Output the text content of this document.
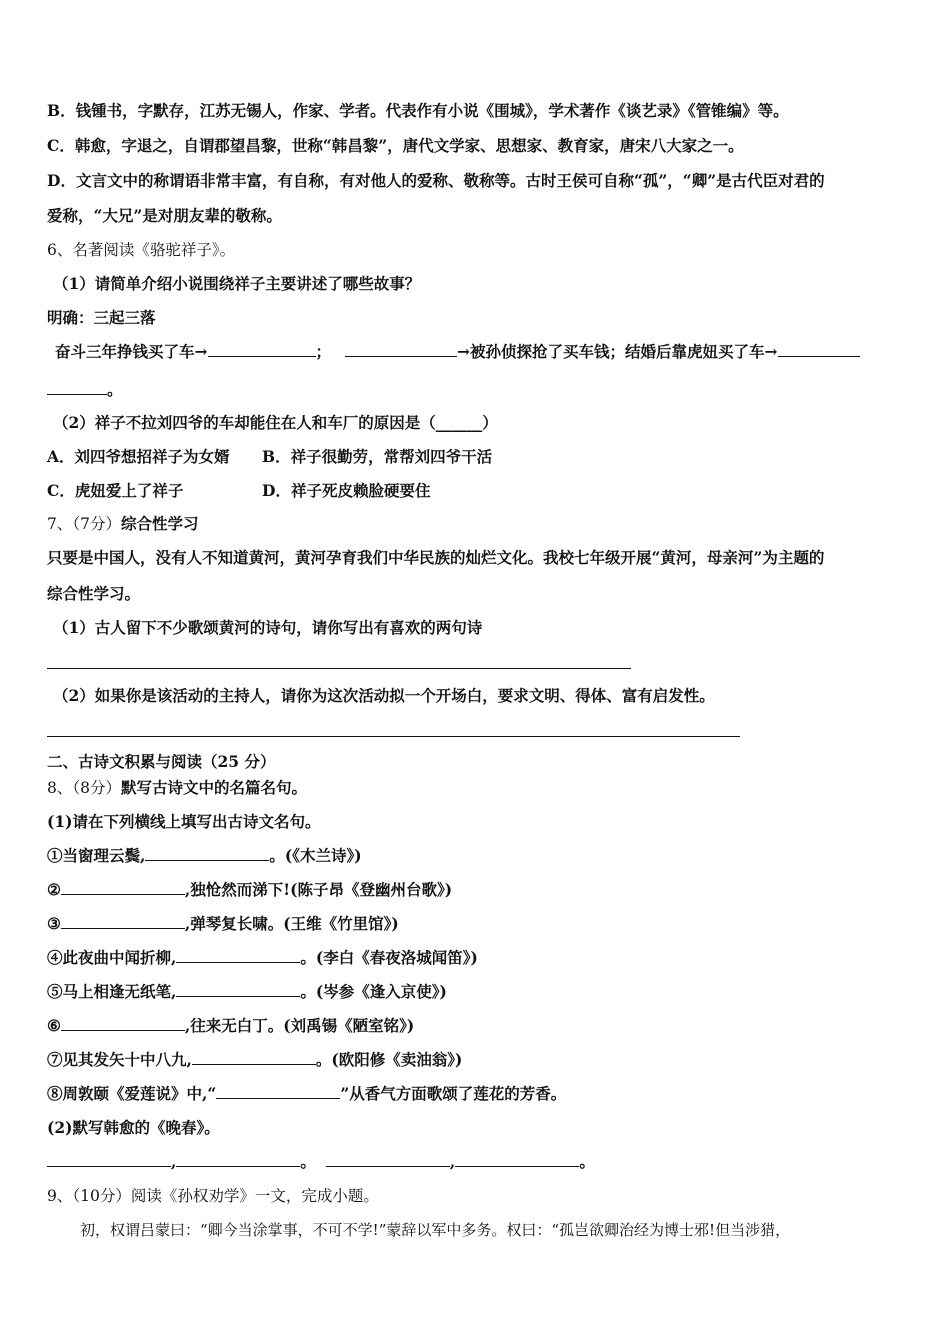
B．钱锺书，字默存，江苏无锡人，作家、学者。代表作有小说《围城》，学术著作《谈艺录》《管锥编》等。
C．韩愈，字退之，自谓郡望昌黎，世称“韩昌黎”，唐代文学家、思想家、教育家，唐宋八大家之一。
D．文言文中的称谓语非常丰富，有自称，有对他人的爱称、敬称等。古时王侯可自称“孤”，“卿”是古代臣对君的
爱称，“大兄”是对朋友辈的敬称。
6、名著阅读《骆驼祥子》。
（1）请简单介绍小说围绕祥子主要讲述了哪些故事？
明确：三起三落
奋斗三年挣钱买了车→	；	→被孙侦探抢了买车钱；结婚后靠虎妞买了车→
。
（2）祥子不拉刘四爷的车却能住在人和车厂的原因是（______）
A．刘四爷想招祥子为女婿 B．祥子很勤劳，常帮刘四爷干活
C．虎妞爱上了祥子	D．祥子死皮赖脸硬要住
7、（7分）综合性学习
只要是中国人，没有人不知道黄河，黄河孕育我们中华民族的灿烂文化。我校七年级开展“黄河，母亲河”为主题的
综合性学习。
（1）古人留下不少歌颂黄河的诗句，请你写出有喜欢的两句诗
（2）如果你是该活动的主持人，请你为这次活动拟一个开场白，要求文明、得体、富有启发性。
二、古诗文积累与阅读（25 分）
8、（8分）默写古诗文中的名篇名句。
(1)请在下列横线上填写出古诗文名句。
①当窗理云鬓,	。(《木兰诗》)
②	,独怆然而涕下!(陈子昂《登幽州台歌》)
③	,弹琴复长啸。(王维《竹里馆》)
④此夜曲中闻折柳,	。(李白《春夜洛城闻笛》)
⑤马上相逢无纸笔,	。(岑参《逢入京使》)
⑥	,往来无白丁。(刘禹锡《陋室铭》)
⑦见其发矢十中八九,	。(欧阳修《卖油翁》)
⑧周敦颐《爱莲说》中,“	”从香气方面歌颂了莲花的芳香。
(2)默写韩愈的《晚春》。
,	。	,	。
9、（10分）阅读《孙权劝学》一文，完成小题。
初，权谓吕蒙曰：“卿今当涂掌事，不可不学!”蒙辞以军中多务。权曰：“孤岂欲卿治经为博士邪!但当涉猎，
